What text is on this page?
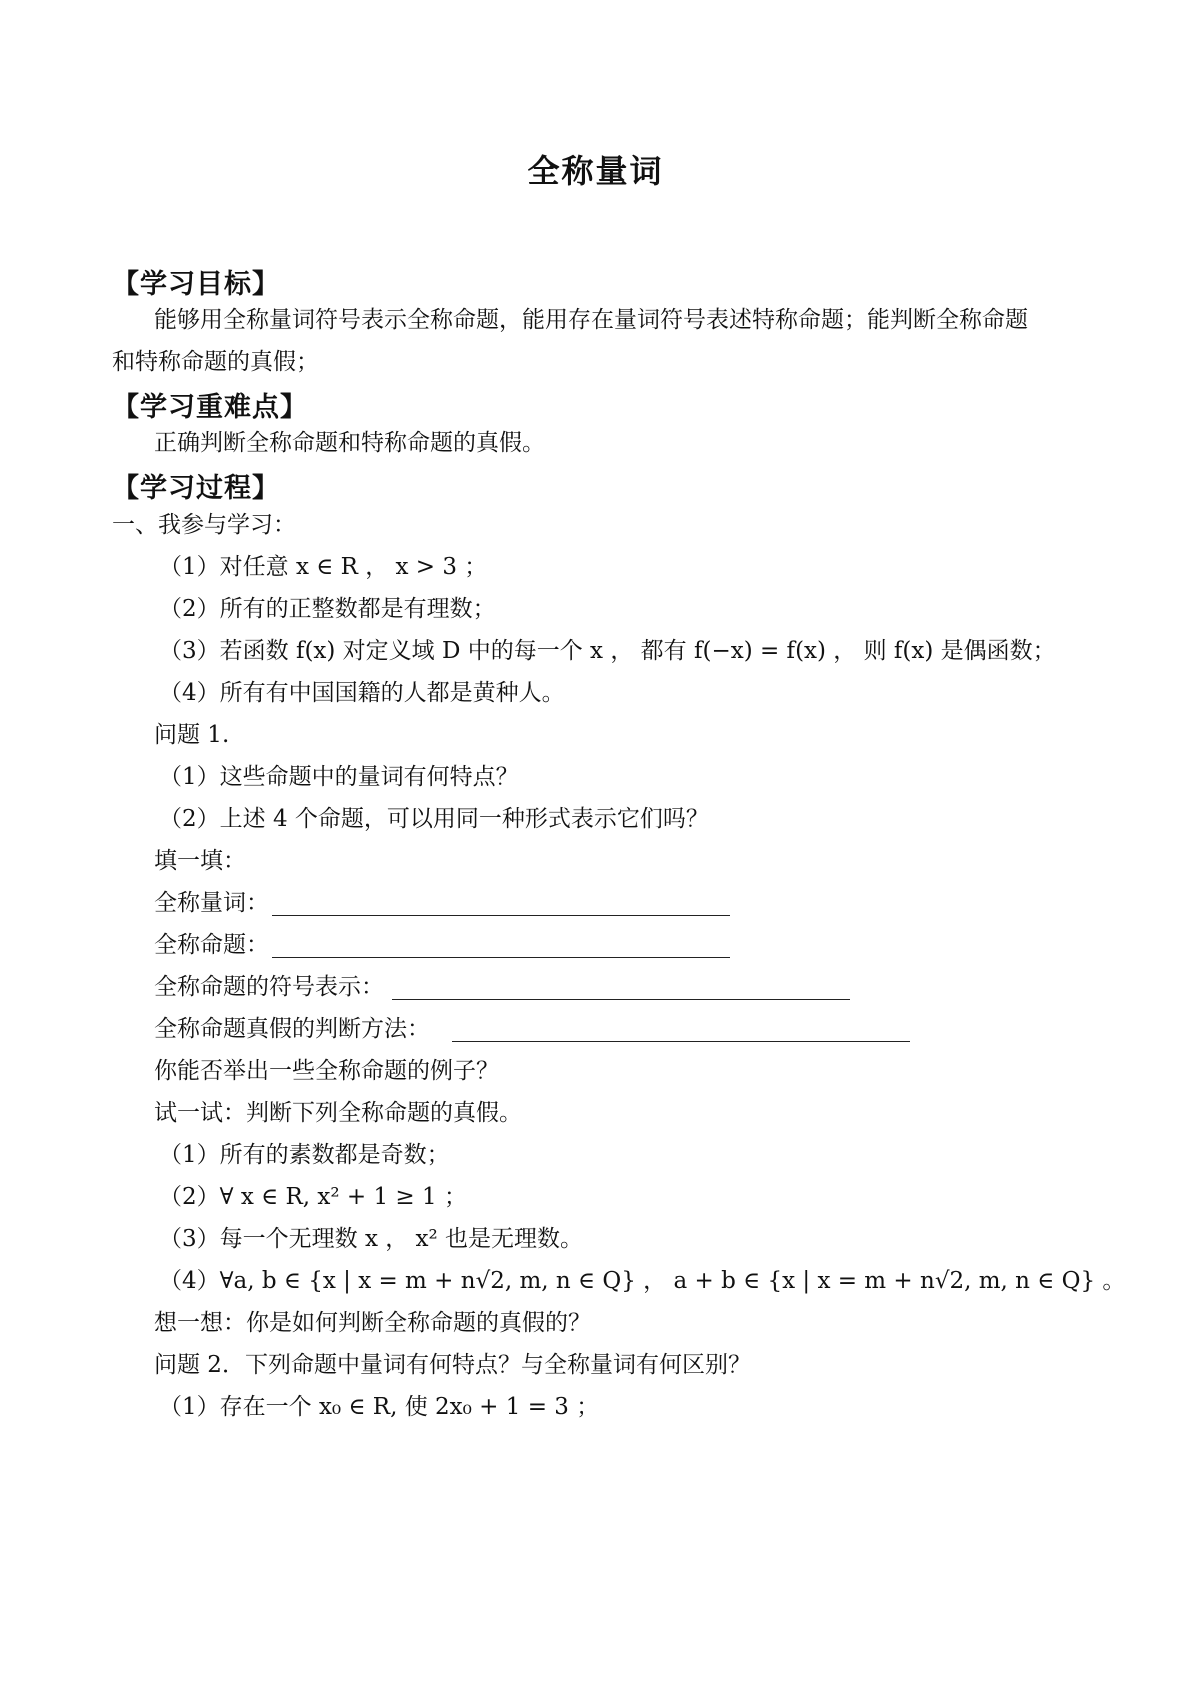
全称量词
【学习目标】
能够用全称量词符号表示全称命题，能用存在量词符号表述特称命题；能判断全称命题
和特称命题的真假；
【学习重难点】
正确判断全称命题和特称命题的真假。
【学习过程】
一、我参与学习：
（1）对任意 x ∈ R ， x > 3 ；
（2）所有的正整数都是有理数；
（3）若函数 f(x) 对定义域 D 中的每一个 x ， 都有 f(−x) = f(x) ， 则 f(x) 是偶函数；
（4）所有有中国国籍的人都是黄种人。
问题 1.
（1）这些命题中的量词有何特点？
（2）上述 4 个命题，可以用同一种形式表示它们吗？
填一填：
全称量词：
全称命题：
全称命题的符号表示：
全称命题真假的判断方法：
你能否举出一些全称命题的例子？
试一试：判断下列全称命题的真假。
（1）所有的素数都是奇数；
（2）∀ x ∈ R, x² + 1 ≥ 1 ；
（3）每一个无理数 x ， x² 也是无理数。
（4）∀a, b ∈ {x | x = m + n√2, m, n ∈ Q} ， a + b ∈ {x | x = m + n√2, m, n ∈ Q} 。
想一想：你是如何判断全称命题的真假的？
问题 2．下列命题中量词有何特点？与全称量词有何区别？
（1）存在一个 x₀ ∈ R, 使 2x₀ + 1 = 3 ；
